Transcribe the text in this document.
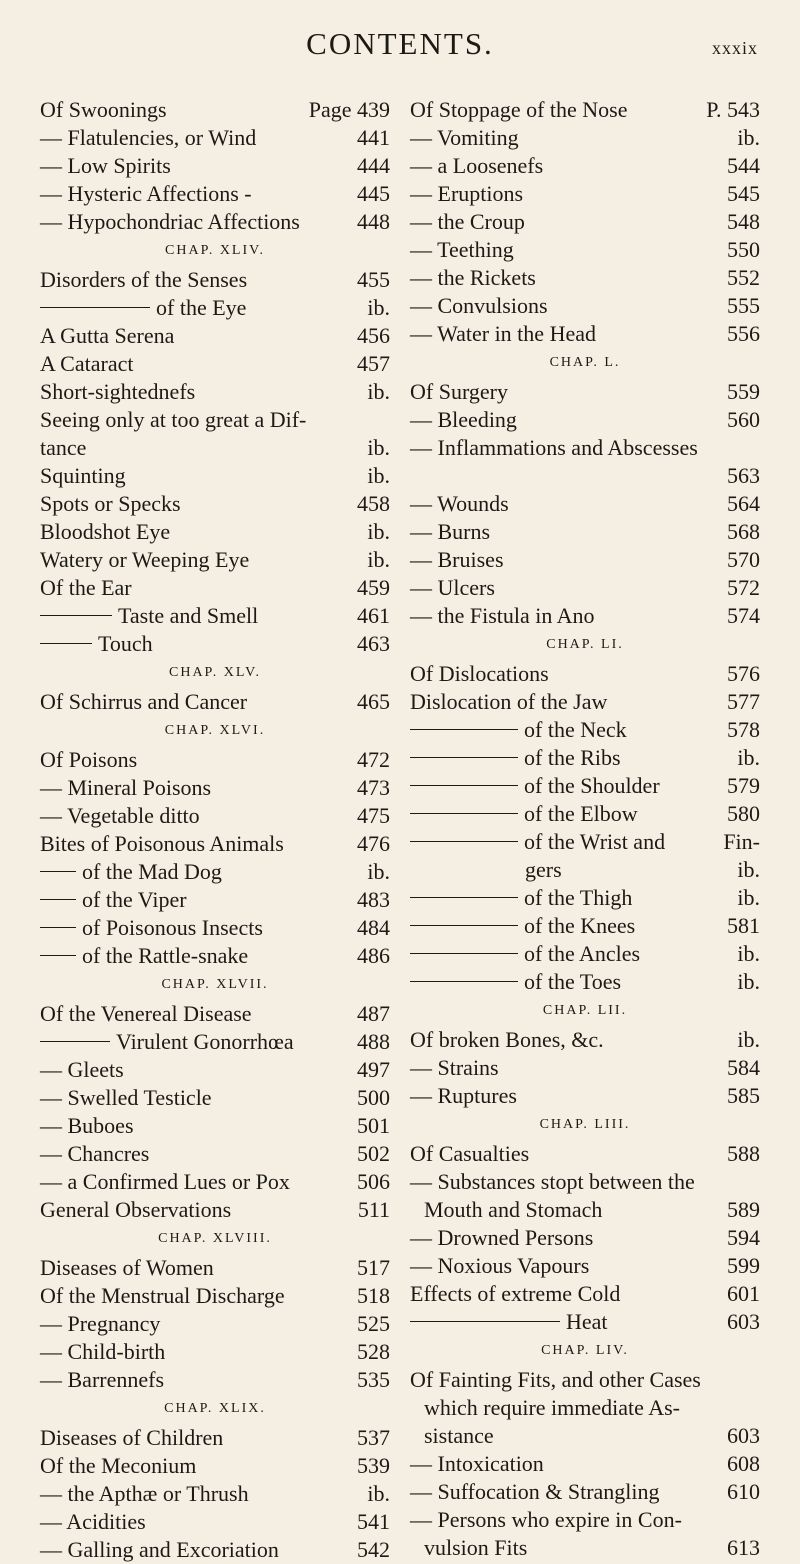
CONTENTS.	xxxix
Of Swoonings	Page 439
— Flatulencies, or Wind	441
— Low Spirits	444
— Hysteric Affections -	445
— Hypochondriac Affections	448
CHAP. XLIV.
Disorders of the Senses	455
of the Eye	ib.
A Gutta Serena	456
A Cataract	457
Short-sightednefs	ib.
Seeing only at too great a Dif-
tance	ib.
Squinting	ib.
Spots or Specks	458
Bloodshot Eye	ib.
Watery or Weeping Eye	ib.
Of the Ear	459
Taste and Smell	461
Touch	463
CHAP. XLV.
Of Schirrus and Cancer	465
CHAP. XLVI.
Of Poisons	472
— Mineral Poisons	473
— Vegetable ditto	475
Bites of Poisonous Animals	476
of the Mad Dog	ib.
of the Viper	483
of Poisonous Insects	484
of the Rattle-snake	486
CHAP. XLVII.
Of the Venereal Disease	487
Virulent Gonorrhœa	488
— Gleets	497
— Swelled Testicle	500
— Buboes	501
— Chancres	502
— a Confirmed Lues or Pox	506
General Observations	511
CHAP. XLVIII.
Diseases of Women	517
Of the Menstrual Discharge	518
— Pregnancy	525
— Child-birth	528
— Barrennefs	535
CHAP. XLIX.
Diseases of Children	537
Of the Meconium	539
— the Apthæ or Thrush	ib.
— Acidities	541
— Galling and Excoriation	542
Of Stoppage of the Nose	P. 543
— Vomiting	ib.
— a Loosenefs	544
— Eruptions	545
— the Croup	548
— Teething	550
— the Rickets	552
— Convulsions	555
— Water in the Head	556
CHAP. L.
Of Surgery	559
— Bleeding	560
— Inflammations and Abscesses
563
— Wounds	564
— Burns	568
— Bruises	570
— Ulcers	572
— the Fistula in Ano	574
CHAP. LI.
Of Dislocations	576
Dislocation of the Jaw	577
of the Neck	578
of the Ribs	ib.
of the Shoulder	579
of the Elbow	580
of the Wrist and	Fin-
gers	ib.
of the Thigh	ib.
of the Knees	581
of the Ancles	ib.
of the Toes	ib.
CHAP. LII.
Of broken Bones, &c.	ib.
— Strains	584
— Ruptures	585
CHAP. LIII.
Of Casualties	588
— Substances stopt between the
Mouth and Stomach	589
— Drowned Persons	594
— Noxious Vapours	599
Effects of extreme Cold	601
Heat	603
CHAP. LIV.
Of Fainting Fits, and other Cases
which require immediate As-
sistance	603
— Intoxication	608
— Suffocation & Strangling	610
— Persons who expire in Con-
vulsion Fits	613
